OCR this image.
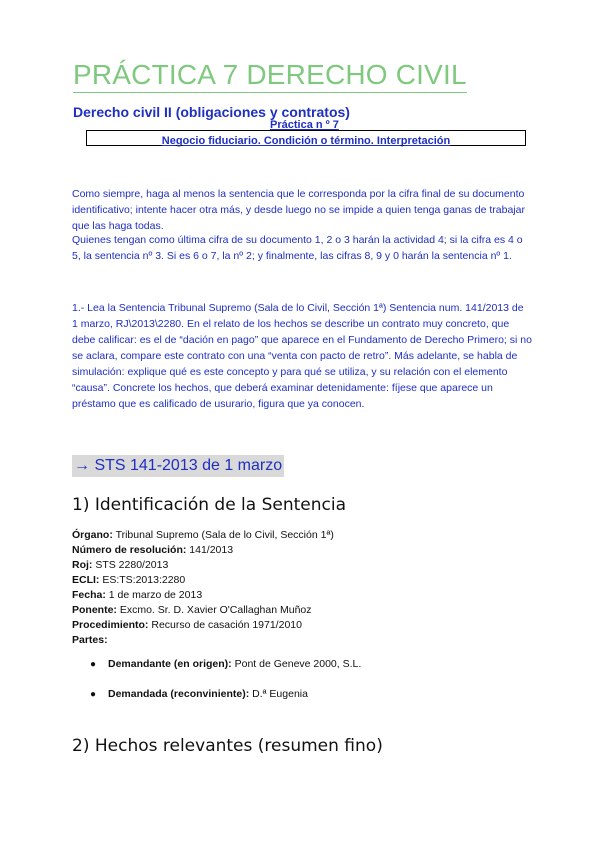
PRÁCTICA 7 DERECHO CIVIL
Derecho civil II (obligaciones y contratos)
Práctica n º 7
Negocio fiduciario. Condición o término. Interpretación

Como siempre, haga al menos la sentencia que le corresponda por la cifra final de su documento identificativo; intente hacer otra más, y desde luego no se impide a quien tenga ganas de trabajar que las haga todas.

Quienes tengan como última cifra de su documento 1, 2 o 3 harán la actividad 4; si la cifra es 4 o 5, la sentencia nº 3. Si es 6 o 7, la nº 2; y finalmente, las cifras 8, 9 y 0 harán la sentencia nº 1.

1.- Lea la Sentencia Tribunal Supremo (Sala de lo Civil, Sección 1ª) Sentencia num. 141/2013 de 1 marzo, RJ\2013\2280. En el relato de los hechos se describe un contrato muy concreto, que debe calificar: es el de “dación en pago” que aparece en el Fundamento de Derecho Primero; si no se aclara, compare este contrato con una “venta con pacto de retro”. Más adelante, se habla de simulación: explique qué es este concepto y para qué se utiliza, y su relación con el elemento “causa”. Concrete los hechos, que deberá examinar detenidamente: fíjese que aparece un préstamo que es calificado de usurario, figura que ya conocen.

→ STS 141-2013 de 1 marzo
1) Identificación de la Sentencia
Órgano: Tribunal Supremo (Sala de lo Civil, Sección 1ª)
Número de resolución: 141/2013
Roj: STS 2280/2013
ECLI: ES:TS:2013:2280
Fecha: 1 de marzo de 2013
Ponente: Excmo. Sr. D. Xavier O'Callaghan Muñoz
Procedimiento: Recurso de casación 1971/2010
Partes:
● Demandante (en origen): Pont de Geneve 2000, S.L.
● Demandada (reconviniente): D.ª Eugenia
2) Hechos relevantes (resumen fino)
